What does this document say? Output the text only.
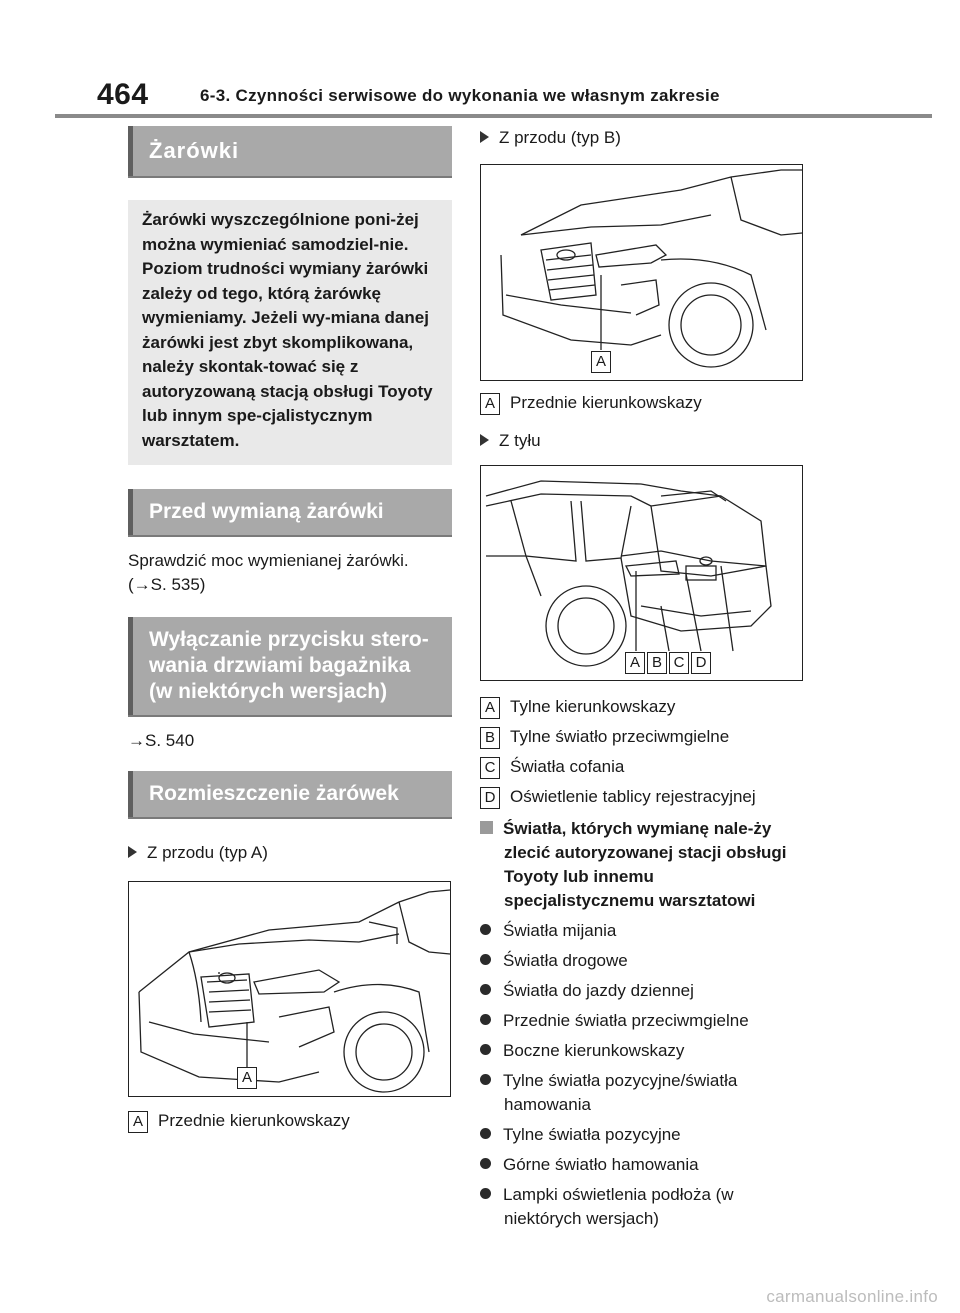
464	6-3. Czynności serwisowe do wykonania we własnym zakresie
Żarówki
Żarówki wyszczególnione poni-żej można wymieniać samodziel-nie. Poziom trudności wymiany żarówki zależy od tego, którą żarówkę wymieniamy. Jeżeli wy-miana danej żarówki jest zbyt skomplikowana, należy skontak-tować się z autoryzowaną stacją obsługi Toyoty lub innym spe-cjalistycznym warsztatem.
Przed wymianą żarówki
Sprawdzić moc wymienianej żarówki.
(→S. 535)
Wyłączanie przycisku stero-wania drzwiami bagażnika (w niektórych wersjach)
→S. 540
Rozmieszczenie żarówek
Z przodu (typ A)
A
A Przednie kierunkowskazy
Z przodu (typ B)
A
A Przednie kierunkowskazy
Z tyłu
A B C D
A Tylne kierunkowskazy
B Tylne światło przeciwmgielne
C Światła cofania
D Oświetlenie tablicy rejestracyjnej
Światła, których wymianę nale-ży zlecić autoryzowanej stacji obsługi Toyoty lub innemu specjalistycznemu warsztatowi
Światła mijania
Światła drogowe
Światła do jazdy dziennej
Przednie światła przeciwmgielne
Boczne kierunkowskazy
Tylne światła pozycyjne/światła hamowania
Tylne światła pozycyjne
Górne światło hamowania
Lampki oświetlenia podłoża (w niektórych wersjach)
carmanualsonline.info
